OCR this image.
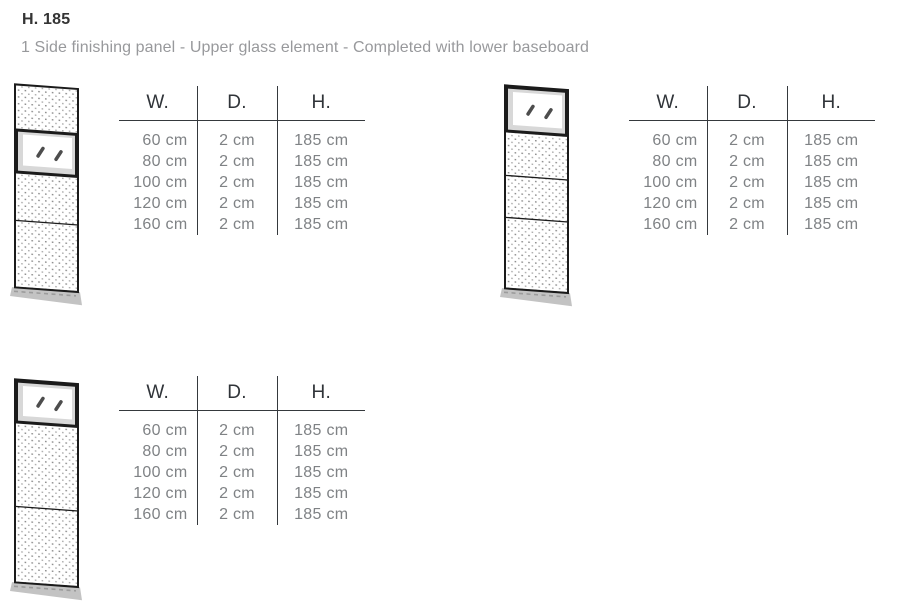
H. 185
1 Side finishing panel - Upper glass element - Completed with lower baseboard
W.	D.	H.
60 cm	2 cm	185 cm
80 cm	2 cm	185 cm
100 cm	2 cm	185 cm
120 cm	2 cm	185 cm
160 cm	2 cm	185 cm
W.	D.	H.
60 cm	2 cm	185 cm
80 cm	2 cm	185 cm
100 cm	2 cm	185 cm
120 cm	2 cm	185 cm
160 cm	2 cm	185 cm
W.	D.	H.
60 cm	2 cm	185 cm
80 cm	2 cm	185 cm
100 cm	2 cm	185 cm
120 cm	2 cm	185 cm
160 cm	2 cm	185 cm
